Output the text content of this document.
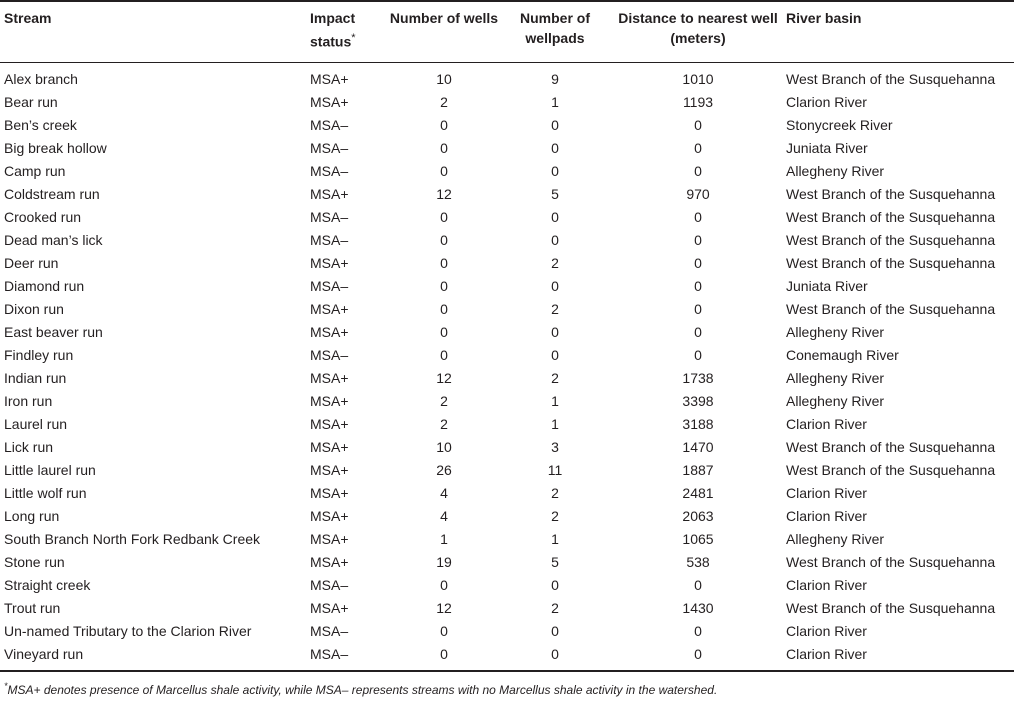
Stream	Impact status*	Number of wells	Number of wellpads	Distance to nearest well (meters)	River basin
Alex branch	MSA+	10	9	1010	West Branch of the Susquehanna
Bear run	MSA+	2	1	1193	Clarion River
Ben’s creek	MSA–	0	0	0	Stonycreek River
Big break hollow	MSA–	0	0	0	Juniata River
Camp run	MSA–	0	0	0	Allegheny River
Coldstream run	MSA+	12	5	970	West Branch of the Susquehanna
Crooked run	MSA–	0	0	0	West Branch of the Susquehanna
Dead man’s lick	MSA–	0	0	0	West Branch of the Susquehanna
Deer run	MSA+	0	2	0	West Branch of the Susquehanna
Diamond run	MSA–	0	0	0	Juniata River
Dixon run	MSA+	0	2	0	West Branch of the Susquehanna
East beaver run	MSA+	0	0	0	Allegheny River
Findley run	MSA–	0	0	0	Conemaugh River
Indian run	MSA+	12	2	1738	Allegheny River
Iron run	MSA+	2	1	3398	Allegheny River
Laurel run	MSA+	2	1	3188	Clarion River
Lick run	MSA+	10	3	1470	West Branch of the Susquehanna
Little laurel run	MSA+	26	11	1887	West Branch of the Susquehanna
Little wolf run	MSA+	4	2	2481	Clarion River
Long run	MSA+	4	2	2063	Clarion River
South Branch North Fork Redbank Creek	MSA+	1	1	1065	Allegheny River
Stone run	MSA+	19	5	538	West Branch of the Susquehanna
Straight creek	MSA–	0	0	0	Clarion River
Trout run	MSA+	12	2	1430	West Branch of the Susquehanna
Un-named Tributary to the Clarion River	MSA–	0	0	0	Clarion River
Vineyard run	MSA–	0	0	0	Clarion River
*MSA+ denotes presence of Marcellus shale activity, while MSA– represents streams with no Marcellus shale activity in the watershed.
